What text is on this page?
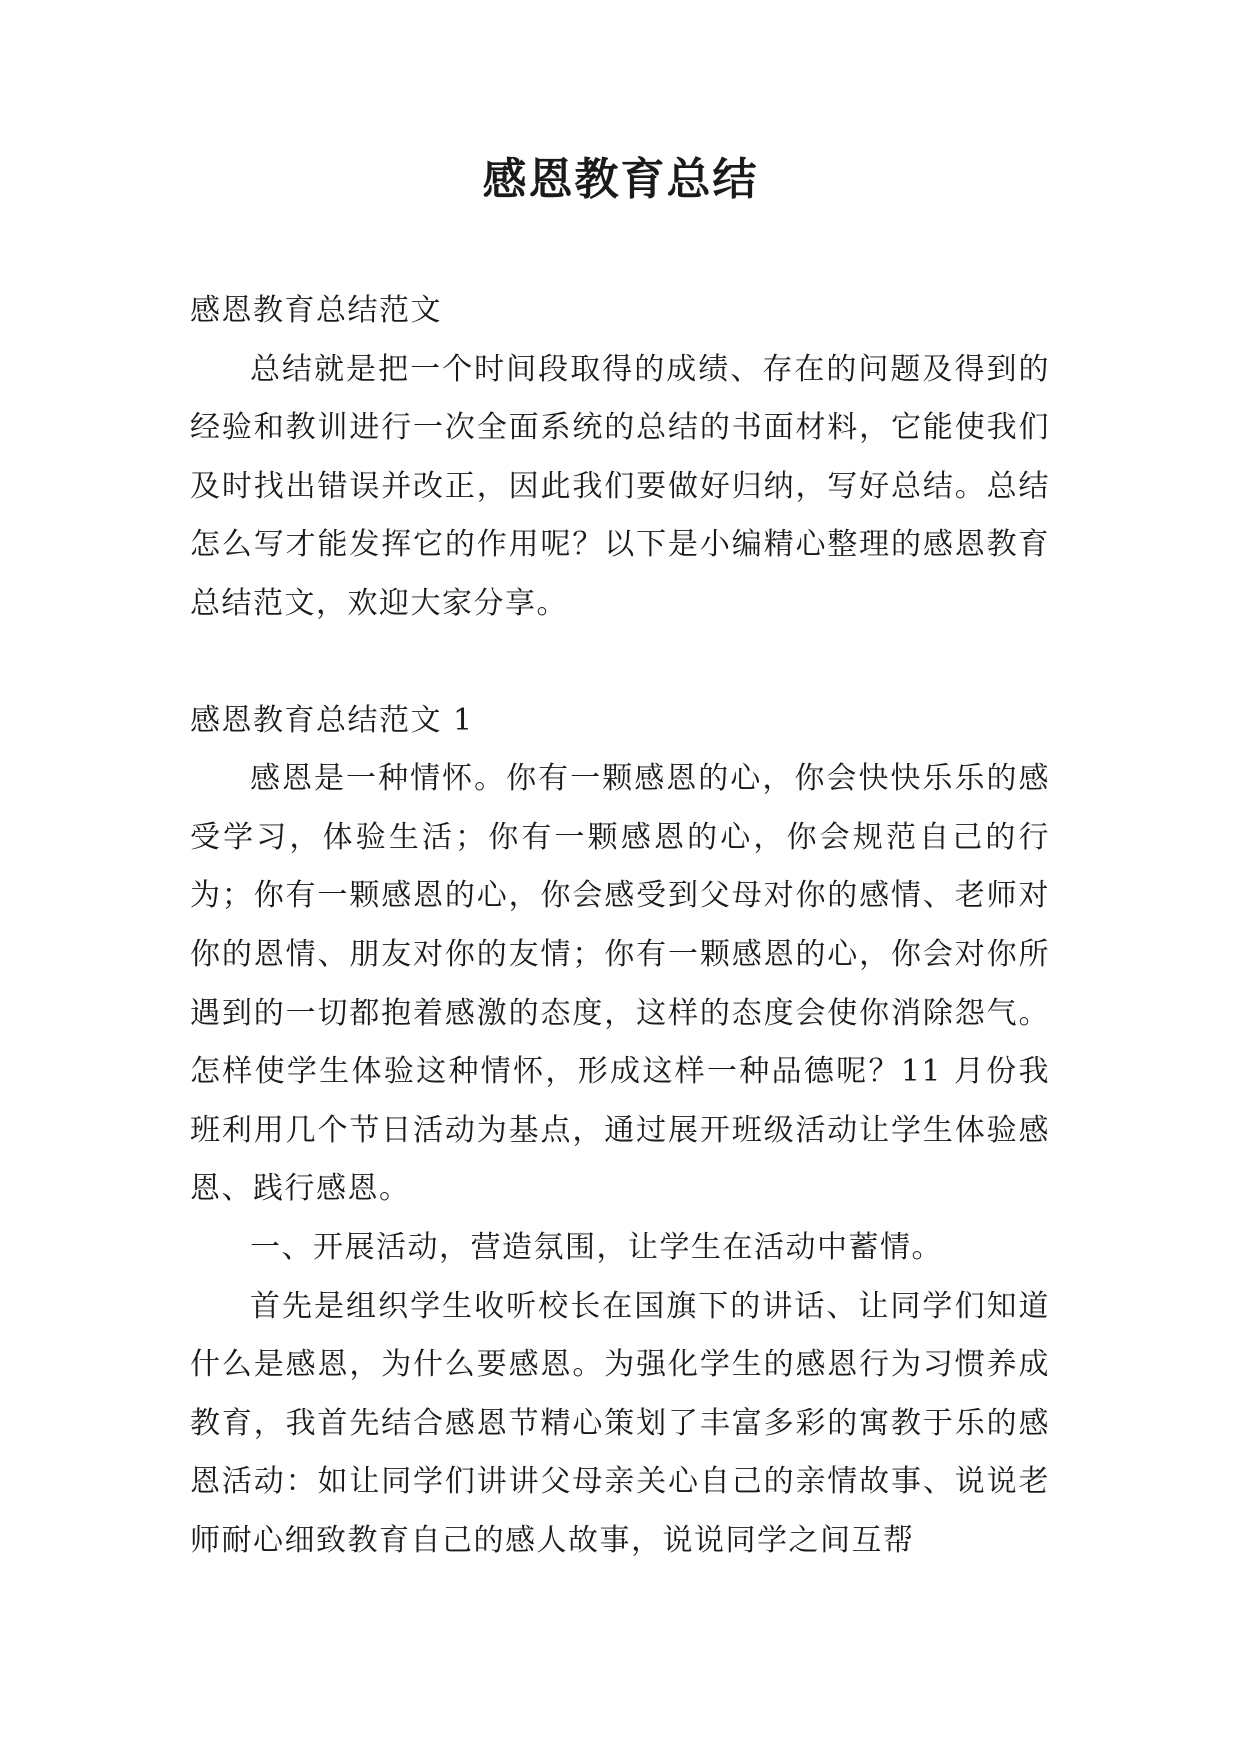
感恩教育总结

感恩教育总结范文

总结就是把一个时间段取得的成绩、存在的问题及得到的经验和教训进行一次全面系统的总结的书面材料，它能使我们及时找出错误并改正，因此我们要做好归纳，写好总结。总结怎么写才能发挥它的作用呢？以下是小编精心整理的感恩教育总结范文，欢迎大家分享。

感恩教育总结范文 1

感恩是一种情怀。你有一颗感恩的心，你会快快乐乐的感受学习，体验生活；你有一颗感恩的心，你会规范自己的行为；你有一颗感恩的心，你会感受到父母对你的感情、老师对你的恩情、朋友对你的友情；你有一颗感恩的心，你会对你所遇到的一切都抱着感激的态度，这样的态度会使你消除怨气。怎样使学生体验这种情怀，形成这样一种品德呢？11 月份我班利用几个节日活动为基点，通过展开班级活动让学生体验感恩、践行感恩。

一、开展活动，营造氛围，让学生在活动中蓄情。

首先是组织学生收听校长在国旗下的讲话、让同学们知道什么是感恩，为什么要感恩。为强化学生的感恩行为习惯养成教育，我首先结合感恩节精心策划了丰富多彩的寓教于乐的感恩活动：如让同学们讲讲父母亲关心自己的亲情故事、说说老师耐心细致教育自己的感人故事，说说同学之间互帮
